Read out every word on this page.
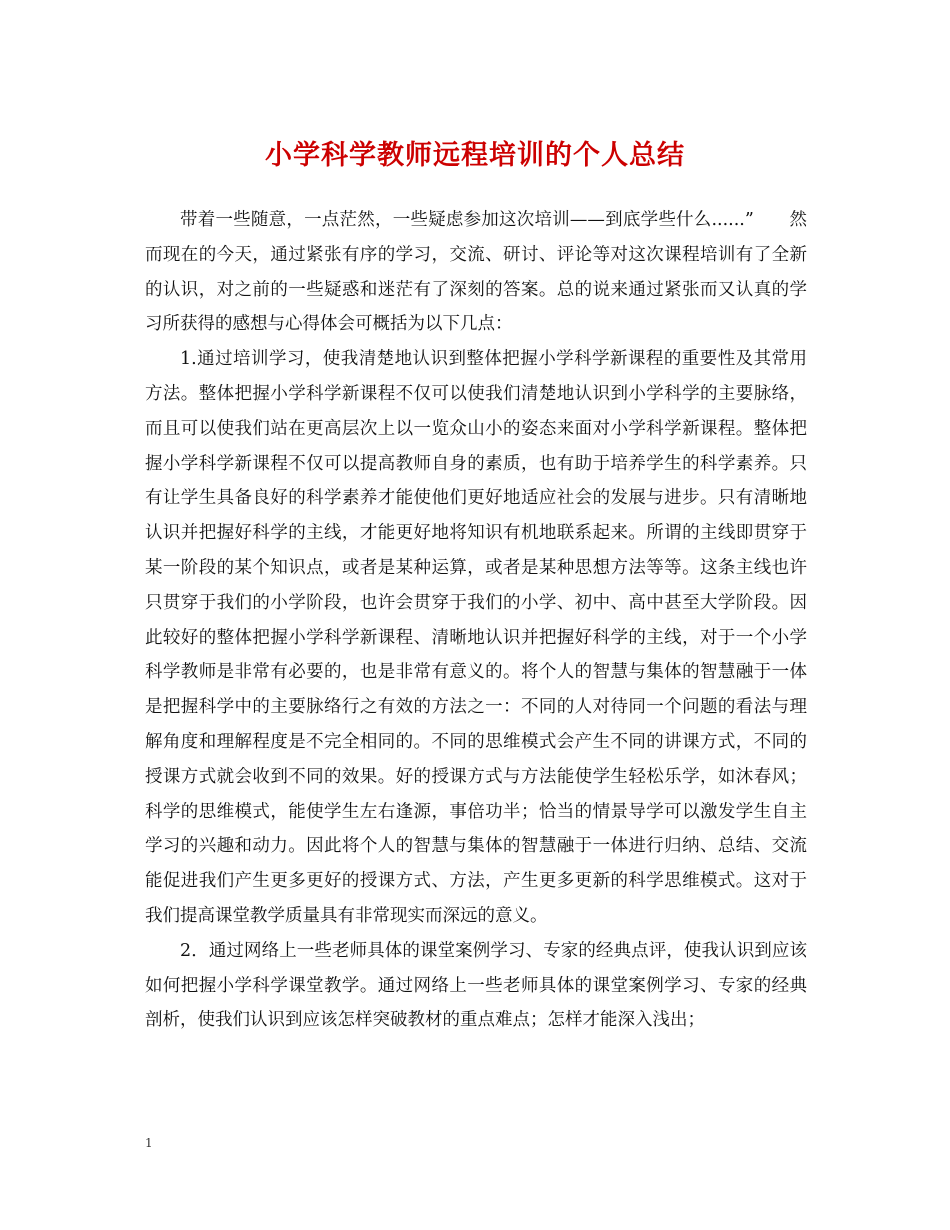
小学科学教师远程培训的个人总结

带着一些随意，一点茫然，一些疑虑参加这次培训——到底学些什么......”　　然而现在的今天，通过紧张有序的学习，交流、研讨、评论等对这次课程培训有了全新的认识，对之前的一些疑惑和迷茫有了深刻的答案。总的说来通过紧张而又认真的学习所获得的感想与心得体会可概括为以下几点：

1.通过培训学习，使我清楚地认识到整体把握小学科学新课程的重要性及其常用方法。整体把握小学科学新课程不仅可以使我们清楚地认识到小学科学的主要脉络，而且可以使我们站在更高层次上以一览众山小的姿态来面对小学科学新课程。整体把握小学科学新课程不仅可以提高教师自身的素质，也有助于培养学生的科学素养。只有让学生具备良好的科学素养才能使他们更好地适应社会的发展与进步。只有清晰地认识并把握好科学的主线，才能更好地将知识有机地联系起来。所谓的主线即贯穿于某一阶段的某个知识点，或者是某种运算，或者是某种思想方法等等。这条主线也许只贯穿于我们的小学阶段，也许会贯穿于我们的小学、初中、高中甚至大学阶段。因此较好的整体把握小学科学新课程、清晰地认识并把握好科学的主线，对于一个小学科学教师是非常有必要的，也是非常有意义的。将个人的智慧与集体的智慧融于一体是把握科学中的主要脉络行之有效的方法之一：不同的人对待同一个问题的看法与理解角度和理解程度是不完全相同的。不同的思维模式会产生不同的讲课方式，不同的授课方式就会收到不同的效果。好的授课方式与方法能使学生轻松乐学，如沐春风；科学的思维模式，能使学生左右逢源，事倍功半；恰当的情景导学可以激发学生自主学习的兴趣和动力。因此将个人的智慧与集体的智慧融于一体进行归纳、总结、交流能促进我们产生更多更好的授课方式、方法，产生更多更新的科学思维模式。这对于我们提高课堂教学质量具有非常现实而深远的意义。

2．通过网络上一些老师具体的课堂案例学习、专家的经典点评，使我认识到应该如何把握小学科学课堂教学。通过网络上一些老师具体的课堂案例学习、专家的经典剖析，使我们认识到应该怎样突破教材的重点难点；怎样才能深入浅出；

1
